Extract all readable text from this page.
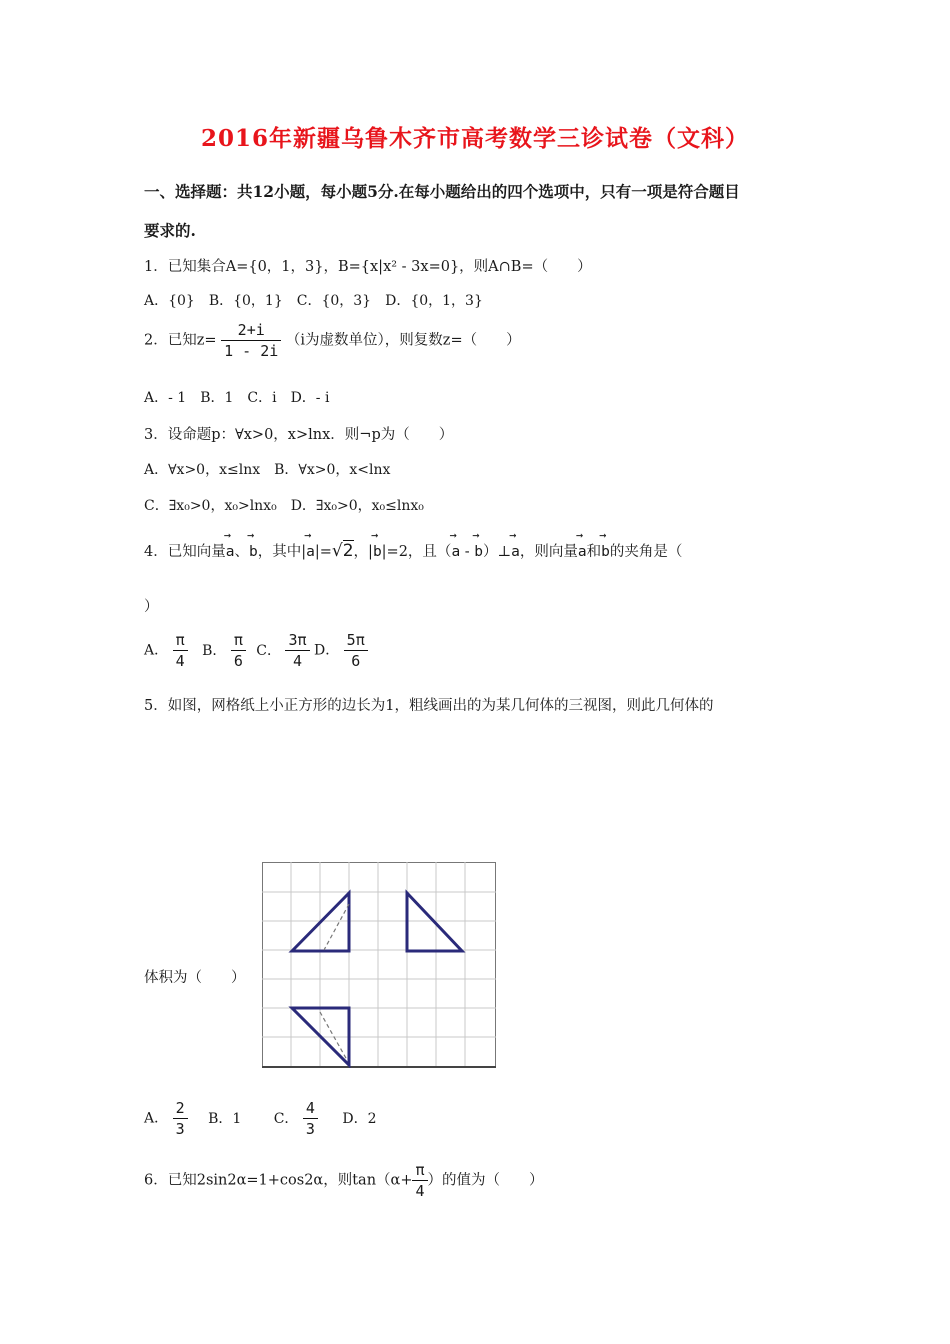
2016年新疆乌鲁木齐市高考数学三诊试卷（文科）
一、选择题：共12小题，每小题5分.在每小题给出的四个选项中，只有一项是符合题目
要求的.
1．已知集合A={0，1，3}，B={x|x² - 3x=0}，则A∩B=（　　）
A．{0}　B．{0，1}　C．{0，3}　D．{0，1，3}
2．已知$z= \frac{2+i}{1 - 2i} (i$为虚数单位），则复数z=（　　）
A．- 1　B．1　C．i　D．- i
3．设命题p：∀x>0，x>lnx．则¬p为（　　）
A．∀x>0，x≤lnx　B．∀x>0，x<lnx
C．∃x₀>0，x₀>lnx₀　D．∃x₀>0，x₀≤lnx₀
4．已知向量→ a、→ b，其中|→ a|=√2，|→ b|=2，且（→ a - → b）⊥→ a，则向量→ a和→ b的夹角是（
）
A． $\frac{\pi}{4}$ B． $\frac{\pi}{6}$ C． $\frac{3\pi}{4}$ D． $\frac{5\pi}{6}$
5．如图，网格纸上小正方形的边长为1，粗线画出的为某几何体的三视图，则此几何体的
体积为（　　）
A． $\frac{2}{3}$ B．1 C． $\frac{4}{3}$ D．2
6．已知2sin2α=1+cos2α，则$\tan(\alpha+ \frac{\pi}{4}$ ）的值为（　　）
